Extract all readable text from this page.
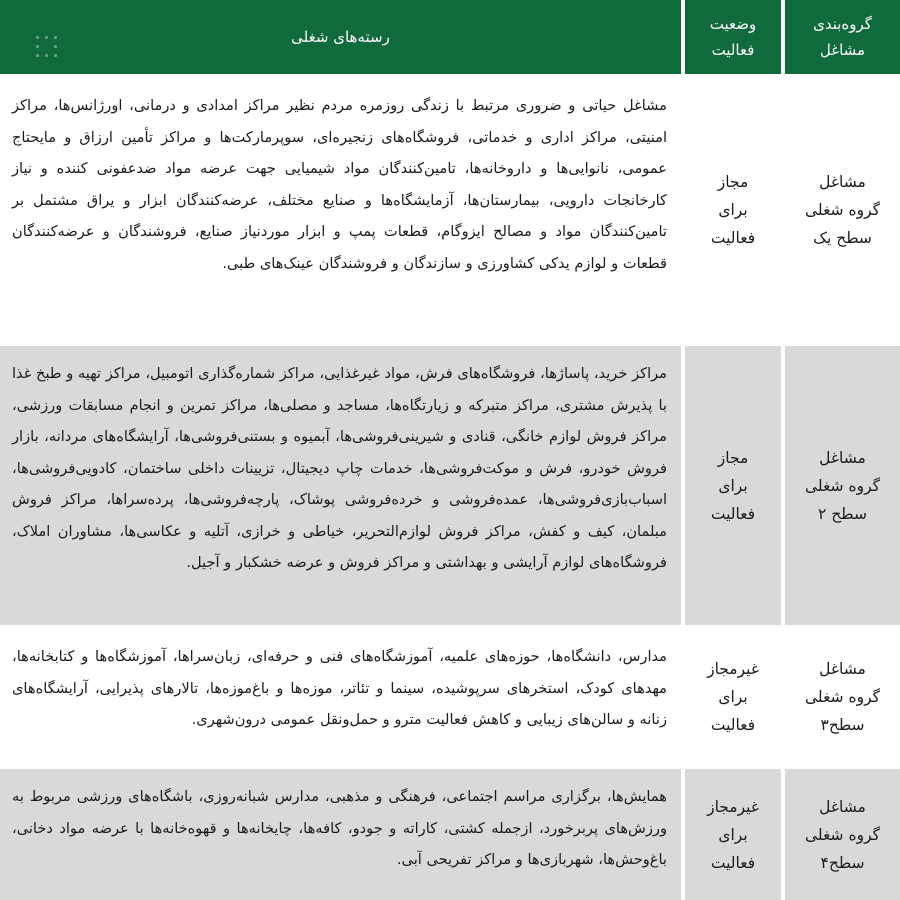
گروه‌بندی
مشاغل
وضعیت
فعالیت
رسته‌های شغلی
مشاغل
گروه شغلی
سطح یک
مجاز
برای
فعالیت
مشاغل حیاتی و ضروری مرتبط با زندگی روزمره مردم نظیر مراکز امدادی و درمانی، اورژانس‌ها، مراکز امنیتی، مراکز اداری و خدماتی، فروشگاه‌های زنجیره‌ای، سوپرمارکت‌ها و مراکز تأمین ارزاق و مایحتاج عمومی، نانوایی‌ها و داروخانه‌ها، تامین‌کنندگان مواد شیمیایی جهت عرضه مواد ضدعفونی کننده و نیاز کارخانجات دارویی، بیمارستان‌ها، آزمایشگاه‌ها و صنایع مختلف، عرضه‌کنندگان ابزار و یراق مشتمل بر تامین‌کنندگان مواد و مصالح ایزوگام، قطعات پمپ و ابزار موردنیاز صنایع، فروشندگان و عرضه‌کنندگان قطعات و لوازم یدکی کشاورزی و سازندگان و فروشندگان عینک‌های طبی.
مشاغل
گروه شغلی
سطح ۲
مجاز
برای
فعالیت
مراکز خرید، پاساژها، فروشگاه‌های فرش، مواد غیرغذایی، مراکز شماره‌گذاری اتومبیل، مراکز تهیه و طبخ غذا با پذیرش مشتری، مراکز متبرکه و زیارتگاه‌ها، مساجد و مصلی‌ها، مراکز تمرین و انجام مسابقات ورزشی، مراکز فروش لوازم خانگی، قنادی و شیرینی‌فروشی‌ها، آبمیوه و بستنی‌فروشی‌ها، آرایشگاه‌های مردانه، بازار فروش خودرو، فرش و موکت‌فروشی‌ها، خدمات چاپ دیجیتال، تزیینات داخلی ساختمان، کادویی‌فروشی‌ها، اسباب‌بازی‌فروشی‌ها، عمده‌فروشی و خرده‌فروشی پوشاک، پارچه‌فروشی‌ها، پرده‌سراها، مراکز فروش مبلمان، کیف و کفش، مراکز فروش لوازم‌التحریر، خیاطی و خرازی، آتلیه و عکاسی‌ها، مشاوران املاک، فروشگاه‌های لوازم آرایشی و بهداشتی و مراکز فروش و عرضه خشکبار و آجیل.
مشاغل
گروه شغلی
سطح۳
غیرمجاز
برای
فعالیت
مدارس، دانشگاه‌ها، حوزه‌های علمیه، آموزشگاه‌های فنی و حرفه‌ای، زبان‌سراها، آموزشگاه‌ها و کتابخانه‌ها، مهدهای کودک، استخرهای سرپوشیده، سینما و تئاتر، موزه‌ها و باغ‌موزه‌ها، تالارهای پذیرایی، آرایشگاه‌های زنانه و سالن‌های زیبایی و کاهش فعالیت مترو و حمل‌ونقل عمومی درون‌شهری.
مشاغل
گروه شغلی
سطح۴
غیرمجاز
برای
فعالیت
همایش‌ها، برگزاری مراسم اجتماعی، فرهنگی و مذهبی، مدارس شبانه‌روزی، باشگاه‌های ورزشی مربوط به ورزش‌های پربرخورد، ازجمله کشتی، کاراته و جودو، کافه‌ها، چایخانه‌ها و قهوه‌خانه‌ها با عرضه مواد دخانی، باغ‌وحش‌ها، شهربازی‌ها و مراکز تفریحی آبی.
